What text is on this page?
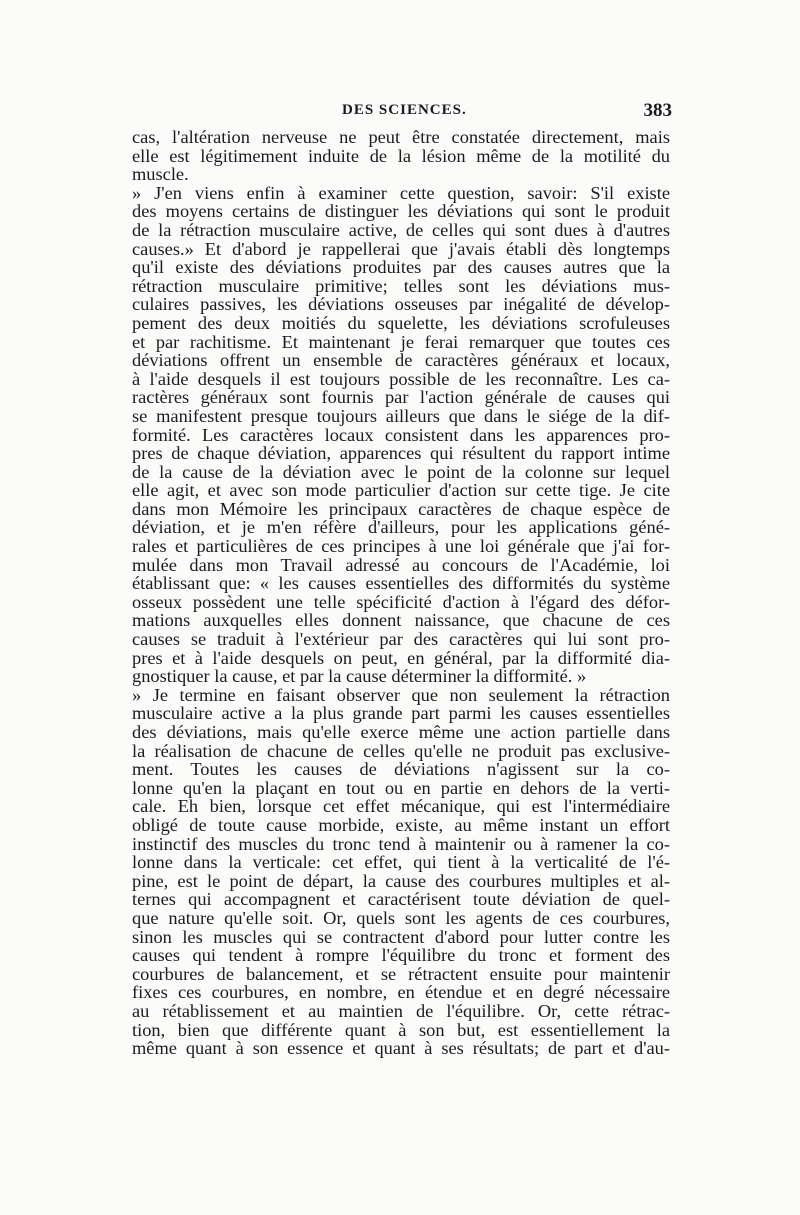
DES SCIENCES.	383
cas, l'altération nerveuse ne peut être constatée directement, mais
elle est légitimement induite de la lésion même de la motilité du
muscle.
» J'en viens enfin à examiner cette question, savoir: S'il existe
des moyens certains de distinguer les déviations qui sont le produit
de la rétraction musculaire active, de celles qui sont dues à d'autres
causes.» Et d'abord je rappellerai que j'avais établi dès longtemps
qu'il existe des déviations produites par des causes autres que la
rétraction musculaire primitive; telles sont les déviations mus-
culaires passives, les déviations osseuses par inégalité de dévelop-
pement des deux moitiés du squelette, les déviations scrofuleuses
et par rachitisme. Et maintenant je ferai remarquer que toutes ces
déviations offrent un ensemble de caractères généraux et locaux,
à l'aide desquels il est toujours possible de les reconnaître. Les ca-
ractères généraux sont fournis par l'action générale de causes qui
se manifestent presque toujours ailleurs que dans le siége de la dif-
formité. Les caractères locaux consistent dans les apparences pro-
pres de chaque déviation, apparences qui résultent du rapport intime
de la cause de la déviation avec le point de la colonne sur lequel
elle agit, et avec son mode particulier d'action sur cette tige. Je cite
dans mon Mémoire les principaux caractères de chaque espèce de
déviation, et je m'en réfère d'ailleurs, pour les applications géné-
rales et particulières de ces principes à une loi générale que j'ai for-
mulée dans mon Travail adressé au concours de l'Académie, loi
établissant que: « les causes essentielles des difformités du système
osseux possèdent une telle spécificité d'action à l'égard des défor-
mations auxquelles elles donnent naissance, que chacune de ces
causes se traduit à l'extérieur par des caractères qui lui sont pro-
pres et à l'aide desquels on peut, en général, par la difformité dia-
gnostiquer la cause, et par la cause déterminer la difformité. »
» Je termine en faisant observer que non seulement la rétraction
musculaire active a la plus grande part parmi les causes essentielles
des déviations, mais qu'elle exerce même une action partielle dans
la réalisation de chacune de celles qu'elle ne produit pas exclusive-
ment. Toutes les causes de déviations n'agissent sur la co-
lonne qu'en la plaçant en tout ou en partie en dehors de la verti-
cale. Eh bien, lorsque cet effet mécanique, qui est l'intermédiaire
obligé de toute cause morbide, existe, au même instant un effort
instinctif des muscles du tronc tend à maintenir ou à ramener la co-
lonne dans la verticale: cet effet, qui tient à la verticalité de l'é-
pine, est le point de départ, la cause des courbures multiples et al-
ternes qui accompagnent et caractérisent toute déviation de quel-
que nature qu'elle soit. Or, quels sont les agents de ces courbures,
sinon les muscles qui se contractent d'abord pour lutter contre les
causes qui tendent à rompre l'équilibre du tronc et forment des
courbures de balancement, et se rétractent ensuite pour maintenir
fixes ces courbures, en nombre, en étendue et en degré nécessaire
au rétablissement et au maintien de l'équilibre. Or, cette rétrac-
tion, bien que différente quant à son but, est essentiellement la
même quant à son essence et quant à ses résultats; de part et d'au-
